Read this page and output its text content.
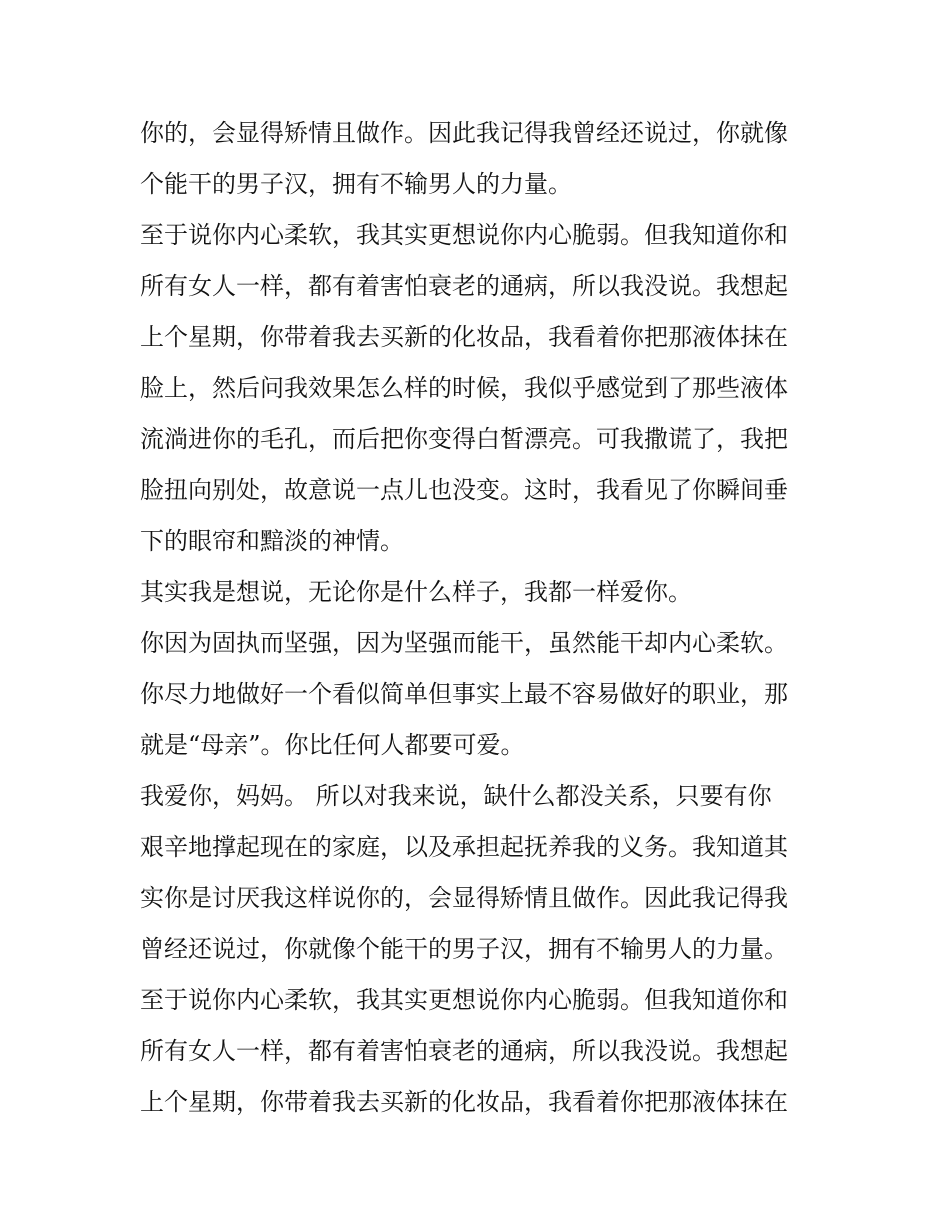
你的，会显得矫情且做作。因此我记得我曾经还说过，你就像
个能干的男子汉，拥有不输男人的力量。
至于说你内心柔软，我其实更想说你内心脆弱。但我知道你和
所有女人一样，都有着害怕衰老的通病，所以我没说。我想起
上个星期，你带着我去买新的化妆品，我看着你把那液体抹在
脸上，然后问我效果怎么样的时候，我似乎感觉到了那些液体
流淌进你的毛孔，而后把你变得白皙漂亮。可我撒谎了，我把
脸扭向别处，故意说一点儿也没变。这时，我看见了你瞬间垂
下的眼帘和黯淡的神情。
其实我是想说，无论你是什么样子，我都一样爱你。
你因为固执而坚强，因为坚强而能干，虽然能干却内心柔软。
你尽力地做好一个看似简单但事实上最不容易做好的职业，那
就是“母亲”。你比任何人都要可爱。
我爱你，妈妈。 所以对我来说，缺什么都没关系，只要有你
艰辛地撑起现在的家庭，以及承担起抚养我的义务。我知道其
实你是讨厌我这样说你的，会显得矫情且做作。因此我记得我
曾经还说过，你就像个能干的男子汉，拥有不输男人的力量。
至于说你内心柔软，我其实更想说你内心脆弱。但我知道你和
所有女人一样，都有着害怕衰老的通病，所以我没说。我想起
上个星期，你带着我去买新的化妆品，我看着你把那液体抹在
